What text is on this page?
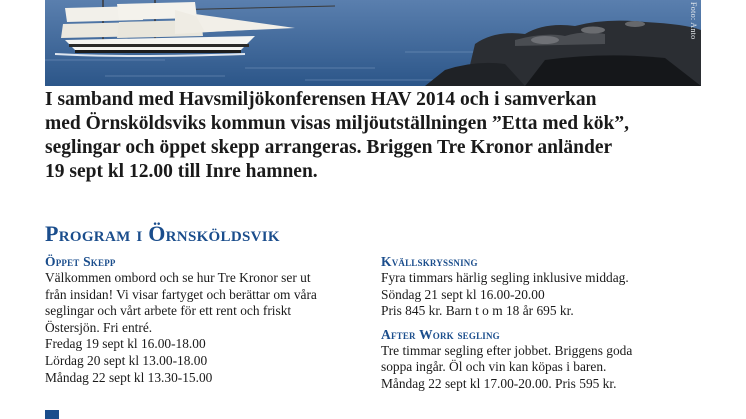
Foto: Anto
I samband med Havsmiljökonferensen HAV 2014 och i samverkan
med Örnsköldsviks kommun visas miljöutställningen ”Etta med kök”,
seglingar och öppet skepp arrangeras. Briggen Tre Kronor anländer
19 sept kl 12.00 till Inre hamnen.
Program i Örnsköldsvik
Öppet Skepp
Välkommen ombord och se hur Tre Kronor ser ut
från insidan! Vi visar fartyget och berättar om våra
seglingar och vårt arbete för ett rent och friskt
Östersjön. Fri entré.
Fredag 19 sept kl 16.00-18.00
Lördag 20 sept kl 13.00-18.00
Måndag 22 sept kl 13.30-15.00
Kvällskryssning
Fyra timmars härlig segling inklusive middag.
Söndag 21 sept kl 16.00-20.00
Pris 845 kr. Barn t o m 18 år 695 kr.
After Work segling
Tre timmar segling efter jobbet. Briggens goda
soppa ingår. Öl och vin kan köpas i baren.
Måndag 22 sept kl 17.00-20.00. Pris 595 kr.
